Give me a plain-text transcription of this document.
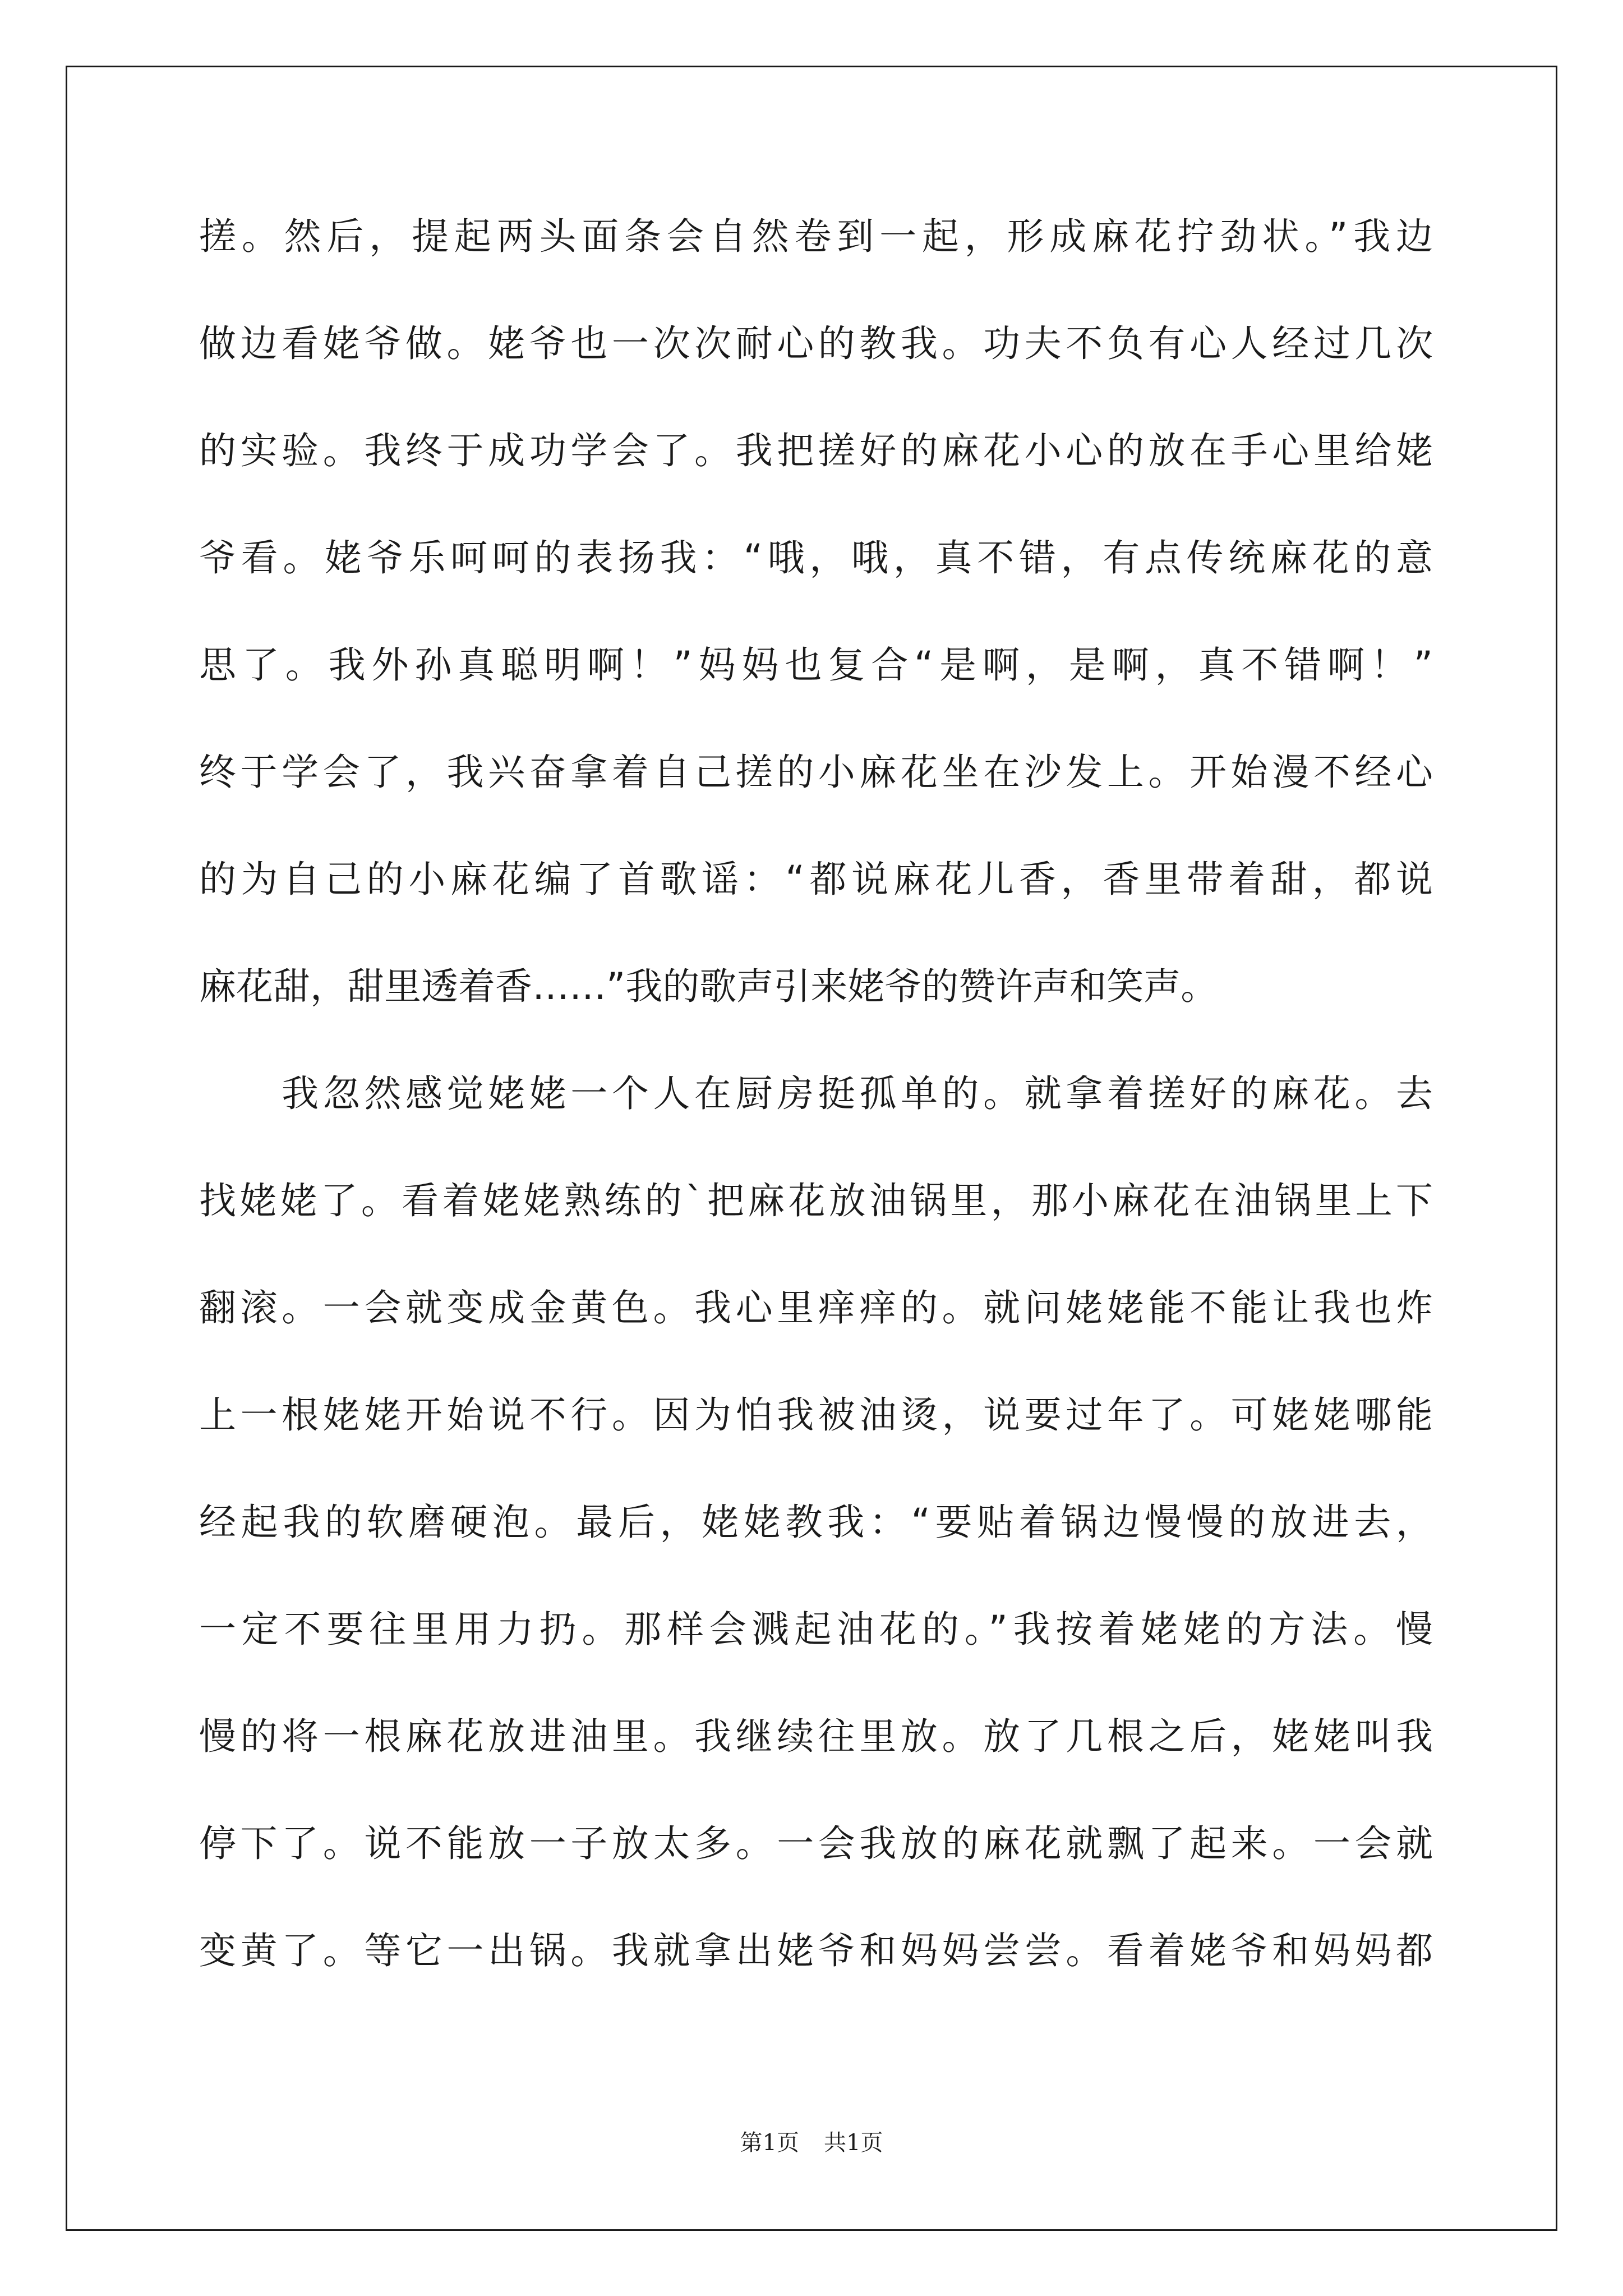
搓。然后，提起两头面条会自然卷到一起，形成麻花拧劲状。”我边
做边看姥爷做。姥爷也一次次耐心的教我。功夫不负有心人经过几次
的实验。我终于成功学会了。我把搓好的麻花小心的放在手心里给姥
爷看。姥爷乐呵呵的表扬我：“哦，哦，真不错，有点传统麻花的意
思了。我外孙真聪明啊！”妈妈也复合“是啊，是啊，真不错啊！”
终于学会了，我兴奋拿着自己搓的小麻花坐在沙发上。开始漫不经心
的为自己的小麻花编了首歌谣：“都说麻花儿香，香里带着甜，都说
麻花甜，甜里透着香……”我的歌声引来姥爷的赞许声和笑声。
　　我忽然感觉姥姥一个人在厨房挺孤单的。就拿着搓好的麻花。去
找姥姥了。看着姥姥熟练的`把麻花放油锅里，那小麻花在油锅里上下
翻滚。一会就变成金黄色。我心里痒痒的。就问姥姥能不能让我也炸
上一根姥姥开始说不行。因为怕我被油烫，说要过年了。可姥姥哪能
经起我的软磨硬泡。最后，姥姥教我：“要贴着锅边慢慢的放进去，
一定不要往里用力扔。那样会溅起油花的。”我按着姥姥的方法。慢
慢的将一根麻花放进油里。我继续往里放。放了几根之后，姥姥叫我
停下了。说不能放一子放太多。一会我放的麻花就飘了起来。一会就
变黄了。等它一出锅。我就拿出姥爷和妈妈尝尝。看着姥爷和妈妈都
第1页 共1页
